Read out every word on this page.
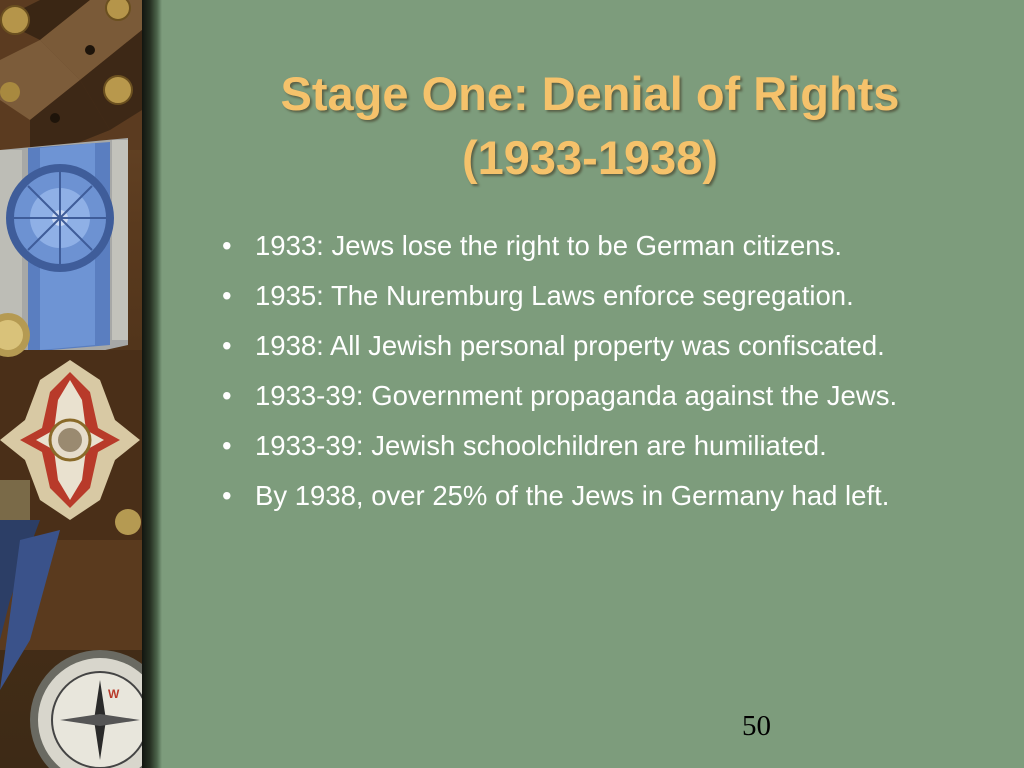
W
Stage One: Denial of Rights
(1933-1938)
• 1933: Jews lose the right to be German citizens.
• 1935: The Nuremburg Laws enforce segregation.
• 1938: All Jewish personal property was confiscated.
• 1933-39: Government propaganda against the Jews.
• 1933-39: Jewish schoolchildren are humiliated.
• By 1938, over 25% of the Jews in Germany had left.
50
